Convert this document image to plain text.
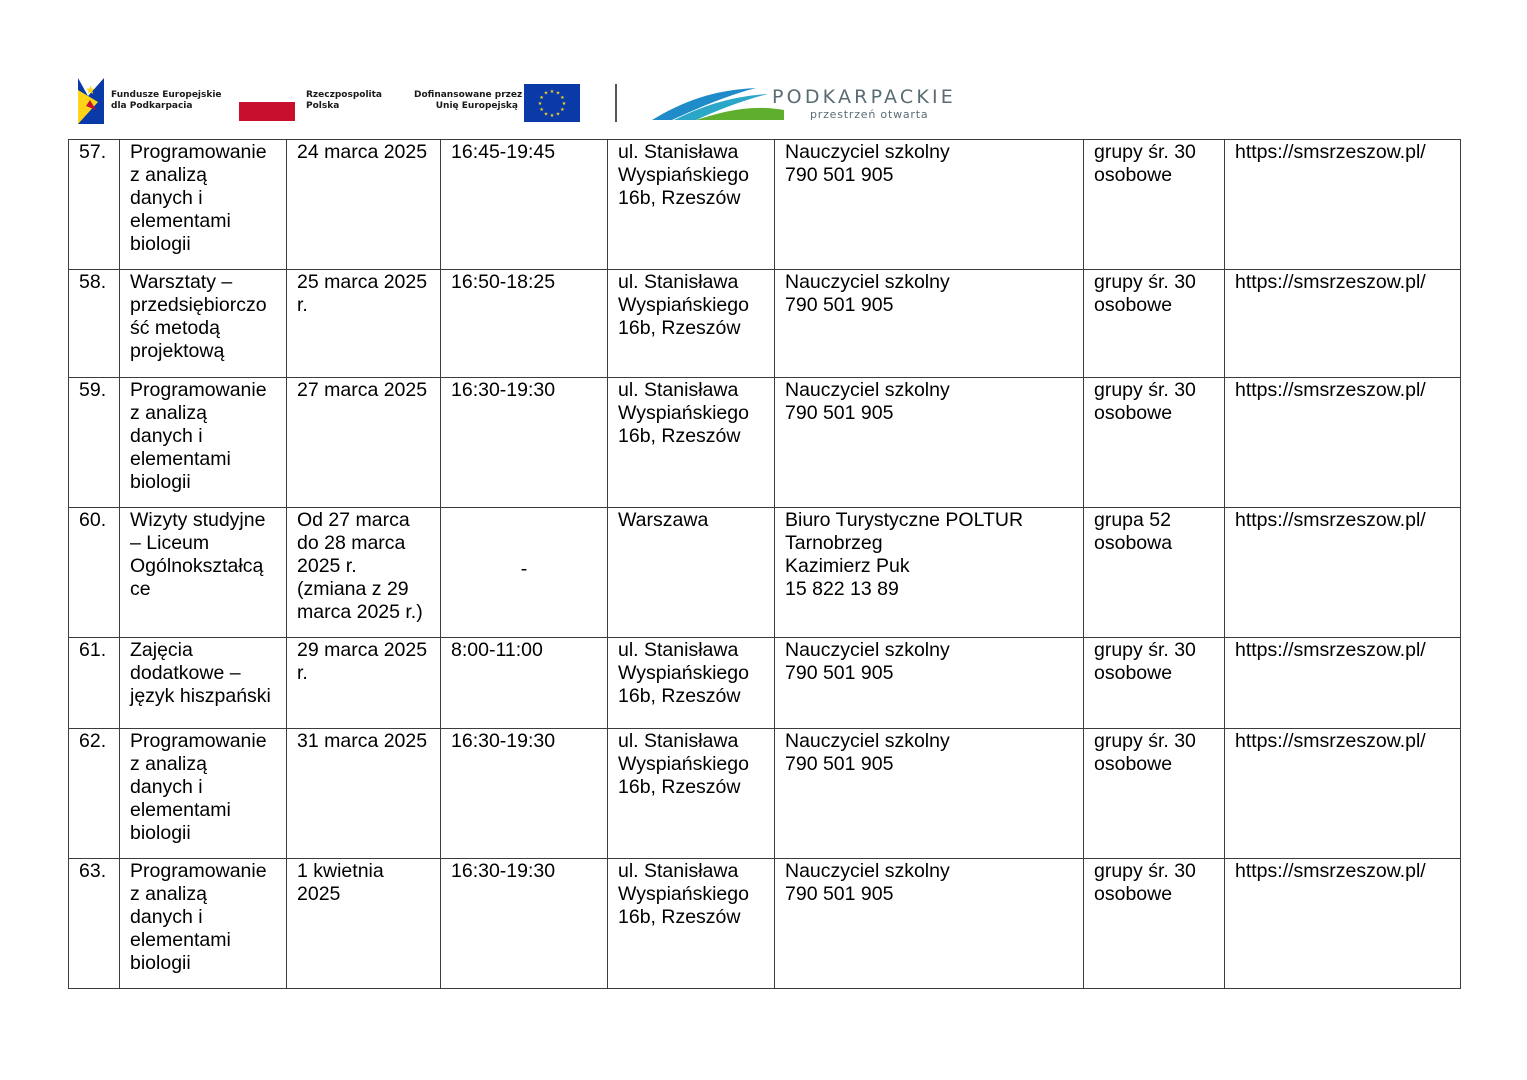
★ Fundusze Europejskie
dla Podkarpacia
Rzeczpospolita
Polska
Dofinansowane przez
Unię Europejską
★ ★
★
★
★
★
★
★
★
★
★
★	PODKARPACKIE
przestrzeń otwarta
57.	Programowanie
z analizą
danych i
elementami
biologii	24 marca 2025	16:45-19:45	ul. Stanisława
Wyspiańskiego
16b, Rzeszów	Nauczyciel szkolny
790 501 905	grupy śr. 30
osobowe	https://smsrzeszow.pl/
58.	Warsztaty –
przedsiębiorczo
ść metodą
projektową	25 marca 2025
r.	16:50-18:25	ul. Stanisława
Wyspiańskiego
16b, Rzeszów	Nauczyciel szkolny
790 501 905	grupy śr. 30
osobowe	https://smsrzeszow.pl/
59.	Programowanie
z analizą
danych i
elementami
biologii	27 marca 2025	16:30-19:30	ul. Stanisława
Wyspiańskiego
16b, Rzeszów	Nauczyciel szkolny
790 501 905	grupy śr. 30
osobowe	https://smsrzeszow.pl/
60.	Wizyty studyjne
– Liceum
Ogólnokształcą
ce	Od 27 marca
do 28 marca
2025 r.
(zmiana z 29
marca 2025 r.)	-	Warszawa	Biuro Turystyczne POLTUR
Tarnobrzeg
Kazimierz Puk
15 822 13 89	grupa 52
osobowa	https://smsrzeszow.pl/
61.	Zajęcia
dodatkowe –
język hiszpański	29 marca 2025
r.	8:00-11:00	ul. Stanisława
Wyspiańskiego
16b, Rzeszów	Nauczyciel szkolny
790 501 905	grupy śr. 30
osobowe	https://smsrzeszow.pl/
62.	Programowanie
z analizą
danych i
elementami
biologii	31 marca 2025	16:30-19:30	ul. Stanisława
Wyspiańskiego
16b, Rzeszów	Nauczyciel szkolny
790 501 905	grupy śr. 30
osobowe	https://smsrzeszow.pl/
63.	Programowanie
z analizą
danych i
elementami
biologii	1 kwietnia
2025	16:30-19:30	ul. Stanisława
Wyspiańskiego
16b, Rzeszów	Nauczyciel szkolny
790 501 905	grupy śr. 30
osobowe	https://smsrzeszow.pl/
